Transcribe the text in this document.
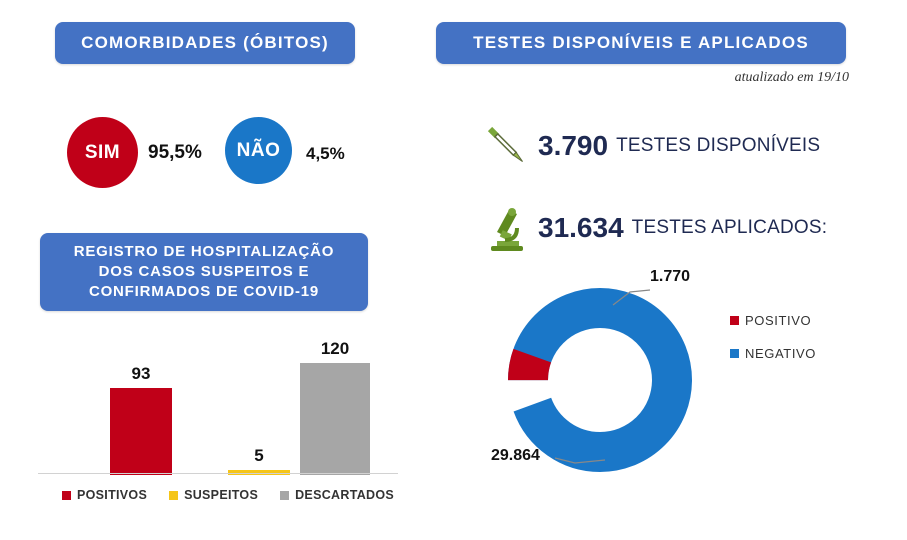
COMORBIDADES (ÓBITOS)
SIM 95,5% NÃO 4,5%
REGISTRO DE HOSPITALIZAÇÃO
DOS CASOS SUSPEITOS E
CONFIRMADOS DE COVID-19
93
5
120
POSITIVOS	SUSPEITOS	DESCARTADOS
TESTES DISPONÍVEIS E APLICADOS
atualizado em 19/10
3.790 TESTES DISPONÍVEIS
31.634 TESTES APLICADOS:
1.770
29.864
POSITIVO
NEGATIVO
